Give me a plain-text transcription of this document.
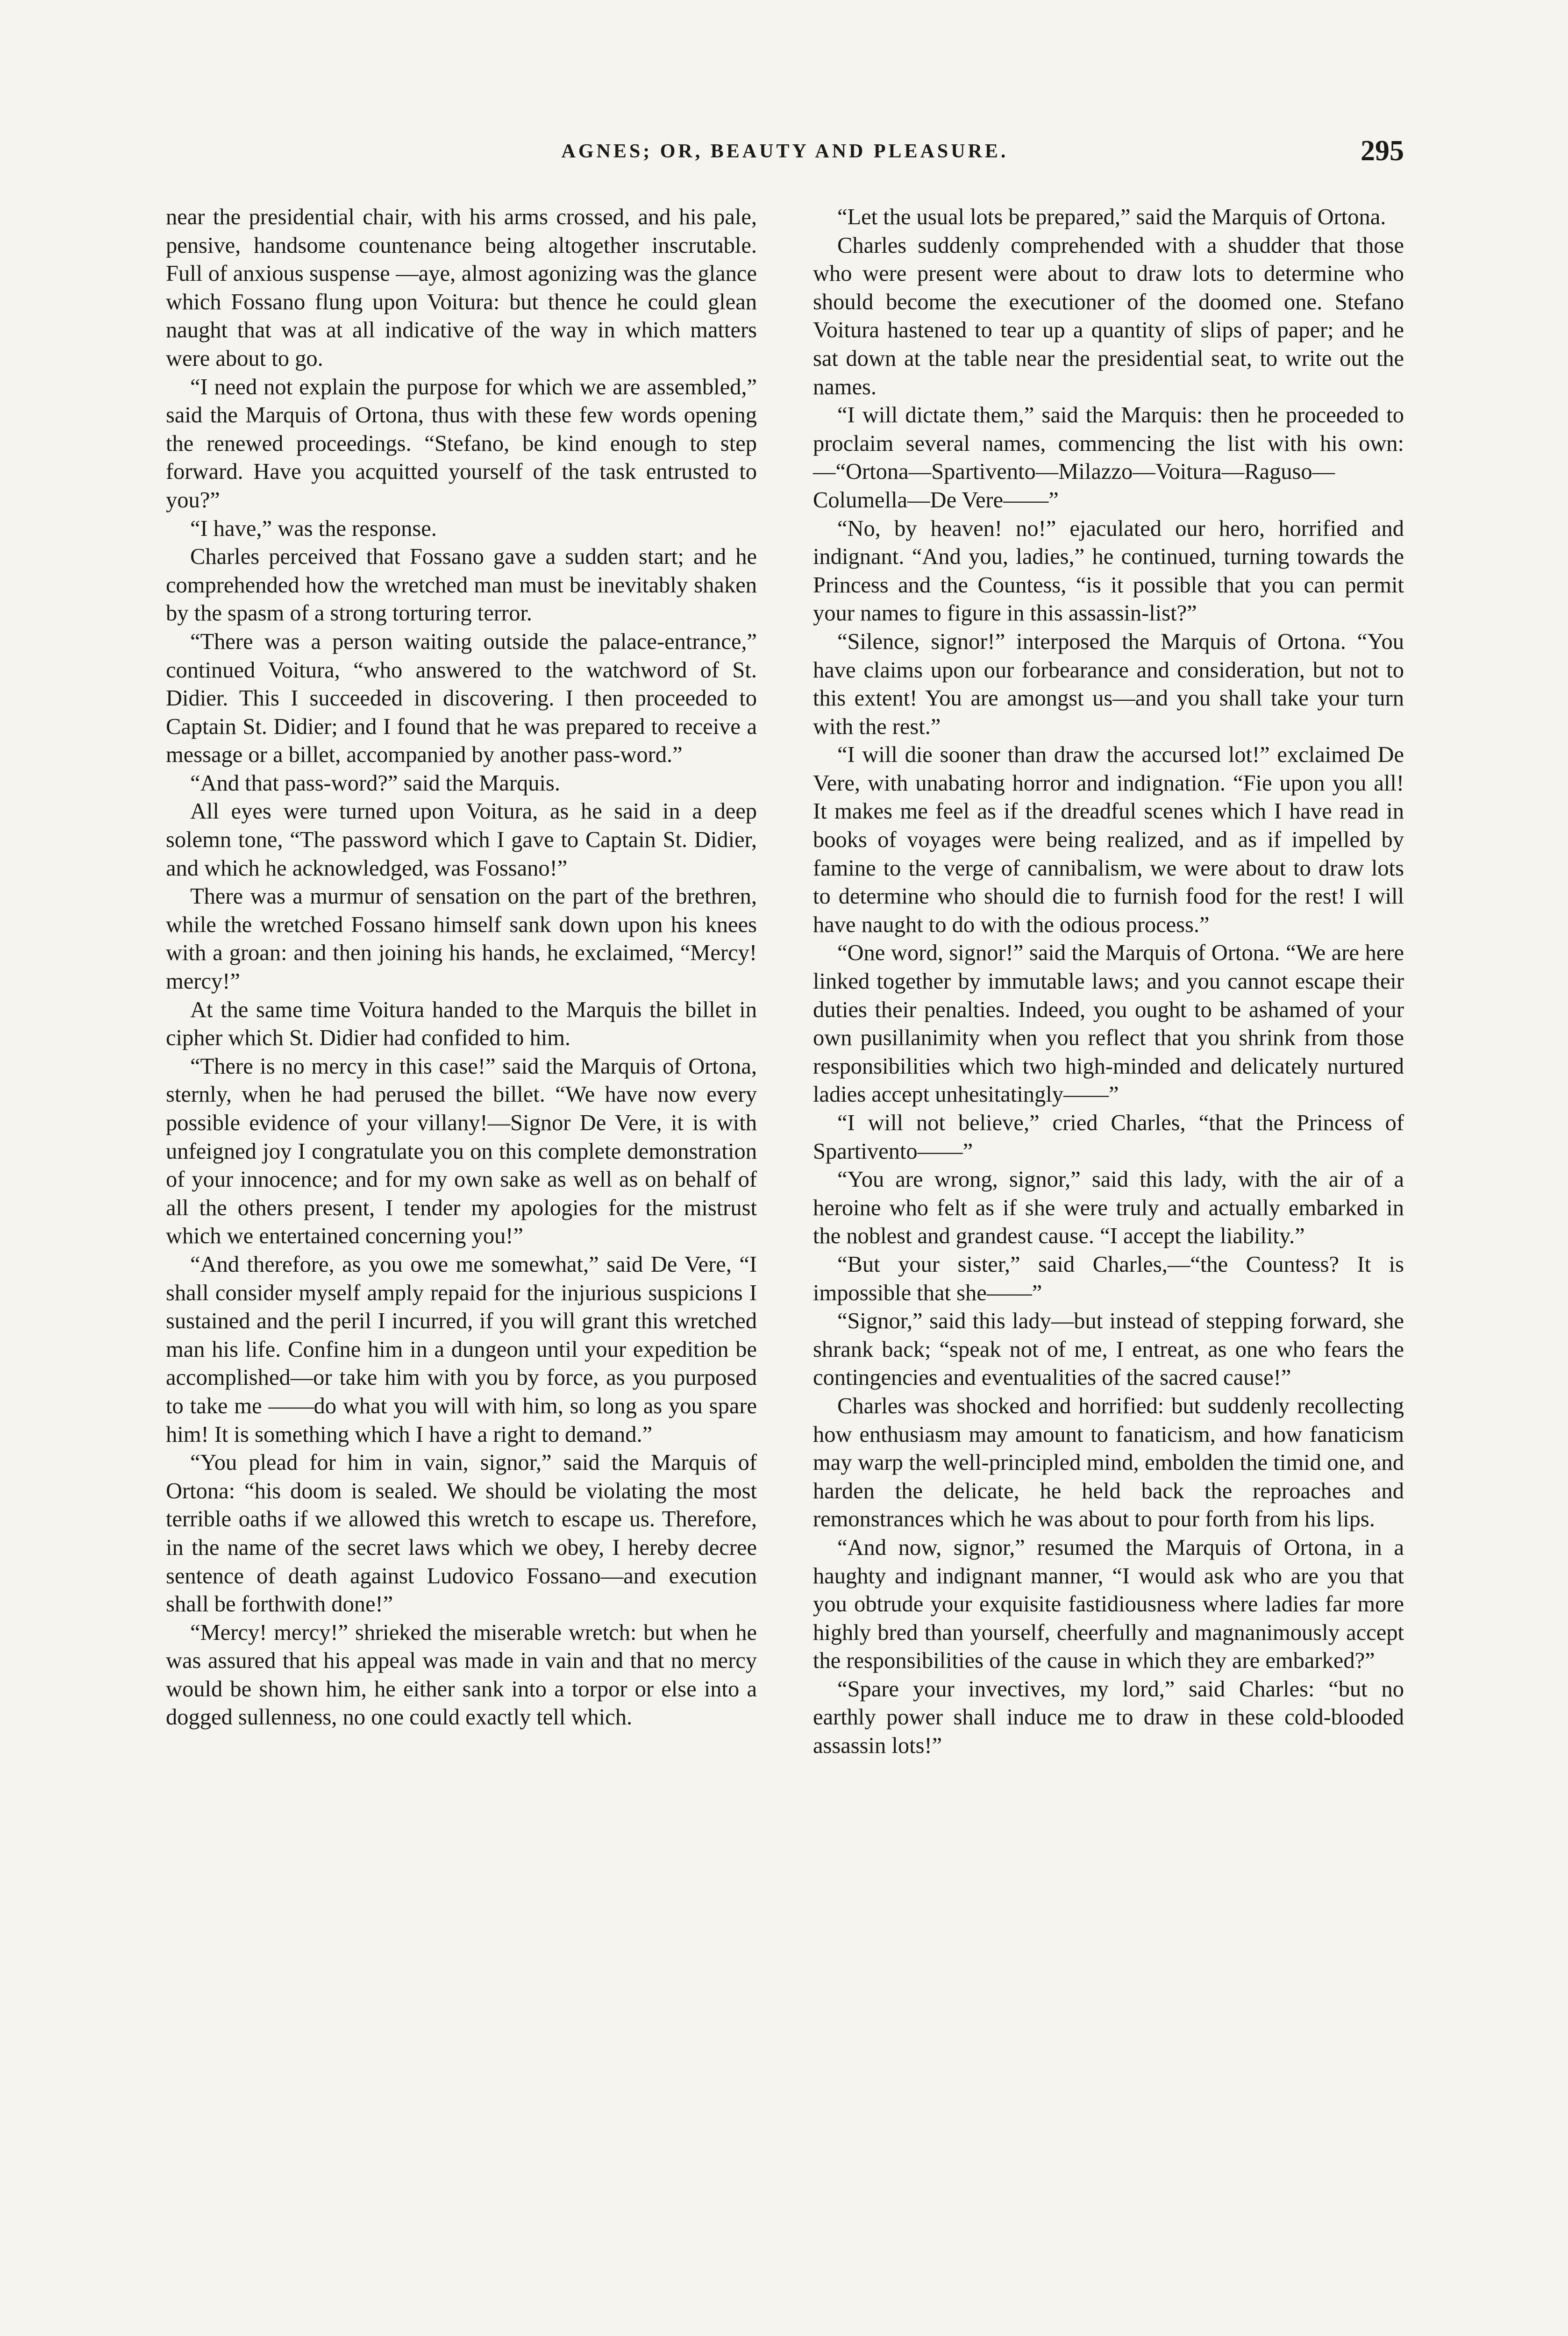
AGNES; OR, BEAUTY AND PLEASURE.	295

near the presidential chair, with his arms crossed, and his pale, pensive, handsome countenance being altogether inscrutable. Full of anxious suspense —aye, almost agonizing was the glance which Fossano flung upon Voitura: but thence he could glean naught that was at all indicative of the way in which matters were about to go.

“I need not explain the purpose for which we are assembled,” said the Marquis of Ortona, thus with these few words opening the renewed proceedings. “Stefano, be kind enough to step forward. Have you acquitted yourself of the task entrusted to you?”

“I have,” was the response.

Charles perceived that Fossano gave a sudden start; and he comprehended how the wretched man must be inevitably shaken by the spasm of a strong torturing terror.

“There was a person waiting outside the palace-entrance,” continued Voitura, “who answered to the watchword of St. Didier. This I succeeded in discovering. I then proceeded to Captain St. Didier; and I found that he was prepared to receive a message or a billet, accompanied by another pass-word.”

“And that pass-word?” said the Marquis.

All eyes were turned upon Voitura, as he said in a deep solemn tone, “The password which I gave to Captain St. Didier, and which he acknowledged, was Fossano!”

There was a murmur of sensation on the part of the brethren, while the wretched Fossano himself sank down upon his knees with a groan: and then joining his hands, he exclaimed, “Mercy! mercy!”

At the same time Voitura handed to the Marquis the billet in cipher which St. Didier had confided to him.

“There is no mercy in this case!” said the Marquis of Ortona, sternly, when he had perused the billet. “We have now every possible evidence of your villany!—Signor De Vere, it is with unfeigned joy I congratulate you on this complete demonstration of your innocence; and for my own sake as well as on behalf of all the others present, I tender my apologies for the mistrust which we entertained concerning you!”

“And therefore, as you owe me somewhat,” said De Vere, “I shall consider myself amply repaid for the injurious suspicions I sustained and the peril I incurred, if you will grant this wretched man his life. Confine him in a dungeon until your expedition be accomplished—or take him with you by force, as you purposed to take me ——do what you will with him, so long as you spare him! It is something which I have a right to demand.”

“You plead for him in vain, signor,” said the Marquis of Ortona: “his doom is sealed. We should be violating the most terrible oaths if we allowed this wretch to escape us. Therefore, in the name of the secret laws which we obey, I hereby decree sentence of death against Ludovico Fossano—and execution shall be forthwith done!”

“Mercy! mercy!” shrieked the miserable wretch: but when he was assured that his appeal was made in vain and that no mercy would be shown him, he either sank into a torpor or else into a dogged sullenness, no one could exactly tell which.

“Let the usual lots be prepared,” said the Marquis of Ortona.

Charles suddenly comprehended with a shudder that those who were present were about to draw lots to determine who should become the executioner of the doomed one. Stefano Voitura hastened to tear up a quantity of slips of paper; and he sat down at the table near the presidential seat, to write out the names.

“I will dictate them,” said the Marquis: then he proceeded to proclaim several names, commencing the list with his own:—“Ortona—Spartivento—Milazzo—Voitura—Raguso—Columella—De Vere——”

“No, by heaven! no!” ejaculated our hero, horrified and indignant. “And you, ladies,” he continued, turning towards the Princess and the Countess, “is it possible that you can permit your names to figure in this assassin-list?”

“Silence, signor!” interposed the Marquis of Ortona. “You have claims upon our forbearance and consideration, but not to this extent! You are amongst us—and you shall take your turn with the rest.”

“I will die sooner than draw the accursed lot!” exclaimed De Vere, with unabating horror and indignation. “Fie upon you all! It makes me feel as if the dreadful scenes which I have read in books of voyages were being realized, and as if impelled by famine to the verge of cannibalism, we were about to draw lots to determine who should die to furnish food for the rest! I will have naught to do with the odious process.”

“One word, signor!” said the Marquis of Ortona. “We are here linked together by immutable laws; and you cannot escape their duties their penalties. Indeed, you ought to be ashamed of your own pusillanimity when you reflect that you shrink from those responsibilities which two high-minded and delicately nurtured ladies accept unhesitatingly——”

“I will not believe,” cried Charles, “that the Princess of Spartivento——”

“You are wrong, signor,” said this lady, with the air of a heroine who felt as if she were truly and actually embarked in the noblest and grandest cause. “I accept the liability.”

“But your sister,” said Charles,—“the Countess? It is impossible that she——”

“Signor,” said this lady—but instead of stepping forward, she shrank back; “speak not of me, I entreat, as one who fears the contingencies and eventualities of the sacred cause!”

Charles was shocked and horrified: but suddenly recollecting how enthusiasm may amount to fanaticism, and how fanaticism may warp the well-principled mind, embolden the timid one, and harden the delicate, he held back the reproaches and remonstrances which he was about to pour forth from his lips.

“And now, signor,” resumed the Marquis of Ortona, in a haughty and indignant manner, “I would ask who are you that you obtrude your exquisite fastidiousness where ladies far more highly bred than yourself, cheerfully and magnanimously accept the responsibilities of the cause in which they are embarked?”

“Spare your invectives, my lord,” said Charles: “but no earthly power shall induce me to draw in these cold-blooded assassin lots!”
